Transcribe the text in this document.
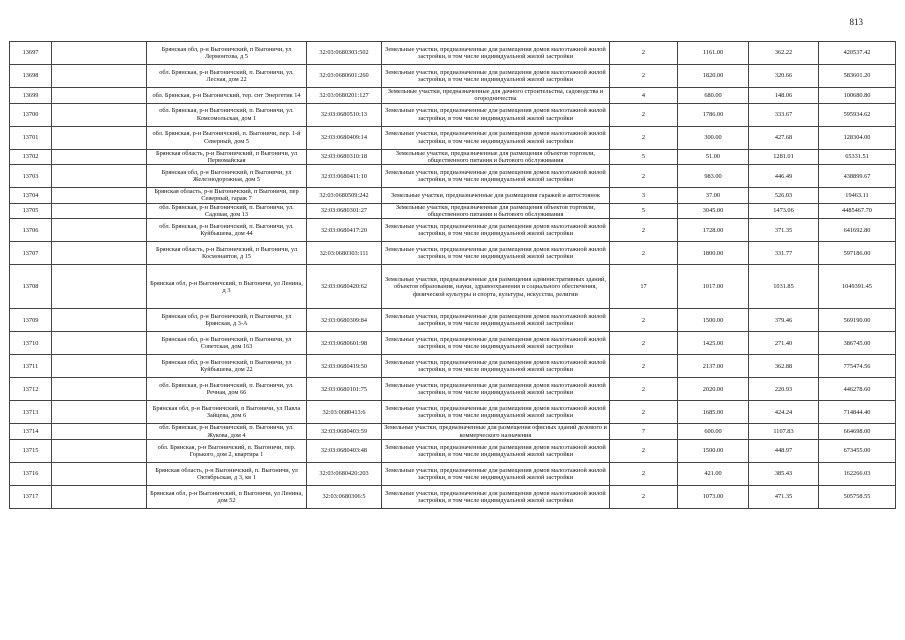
813
13697		Брянская обл, р-н Выгоничский, п Выгоничи, ул Лермонтова, д 5	32:03:0680303:502	Земельные участки, предназначенные для размещения домов малоэтажной жилой застройки, в том числе индивидуальной жилой застройки	2	1161.00	362.22	420537.42
13698		обл. Брянская, р-н Выгоничский, п. Выгоничи, ул. Лесная, дом 22	32:03:0680601:260	Земельные участки, предназначенные для размещения домов малоэтажной жилой застройки, в том числе индивидуальной жилой застройки	2	1820.00	320.66	583601.20
13699		обл. Брянская, р-н Выгоничский, тер. снт Энергетик 14	32:03:0680201:127	Земельные участки, предназначенные для дачного строительства, садоводства и огородничества	4	680.00	148.06	100680.80
13700		обл. Брянская, р-н Выгоничский, п. Выгоничи, ул. Комсомольская, дом 1	32:03:0680510:13	Земельные участки, предназначенные для размещения домов малоэтажной жилой застройки, в том числе индивидуальной жилой застройки	2	1786.00	333.67	595934.62
13701		обл. Брянская, р-н Выгоничский, п. Выгоничи, пер. 1-й Северный, дом 5	32:03:0680409:14	Земельные участки, предназначенные для размещения домов малоэтажной жилой застройки, в том числе индивидуальной жилой застройки	2	300.00	427.68	128304.00
13702		Брянская область, р-н Выгоничский, п Выгоничи, ул Первомайская	32:03:0680310:18	Земельные участки, предназначенные для размещения объектов торговли, общественного питания и бытового обслуживания	5	51.00	1281.01	65331.51
13703		Брянская обл, р-н Выгоничский, п Выгоничи, ул Железнодорожная, дом 5	32:03:0680411:10	Земельные участки, предназначенные для размещения домов малоэтажной жилой застройки, в том числе индивидуальной жилой застройки	2	983.00	446.49	438899.67
13704		Брянская область, р-н Выгоничский, п Выгоничи, пер Северный, гараж 7	32:03:0680509:242	Земельные участки, предназначенные для размещения гаражей и автостоянок	3	37.00	526.03	19463.11
13705		обл. Брянская, р-н Выгоничский, п. Выгоничи, ул. Садовая, дом 13	32:03:0680301:27	Земельные участки, предназначенные для размещения объектов торговли, общественного питания и бытового обслуживания	5	3045.00	1473.06	4485467.70
13706		обл. Брянская, р-н Выгоничский, п. Выгоничи, ул. Куйбышева, дом 44	32:03:0680417:20	Земельные участки, предназначенные для размещения домов малоэтажной жилой застройки, в том числе индивидуальной жилой застройки	2	1728.00	371.35	641692.80
13707		Брянская область, р-н Выгоничский, п Выгоничи, ул Космонавтов, д 15	32:03:0680303:111	Земельные участки, предназначенные для размещения домов малоэтажной жилой застройки, в том числе индивидуальной жилой застройки	2	1800.00	331.77	597186.00
13708		Брянская обл, р-н Выгоничский, п Выгоничи, ул Ленина, д 3	32:03:0680420:62	Земельные участки, предназначенные для размещения административных зданий, объектов образования, науки, здравоохранения и социального обеспечения, физической культуры и спорта, культуры, искусства, религии	17	1017.00	1031.85	1049391.45
13709		Брянская обл, р-н Выгоничский, п Выгоничи, ул Брянская, д 3-А	32:03:0680309:84	Земельные участки, предназначенные для размещения домов малоэтажной жилой застройки, в том числе индивидуальной жилой застройки	2	1500.00	379.46	569190.00
13710		Брянская обл, р-н Выгоничский, п Выгоничи, ул Советская, дом 163	32:03:0680601:98	Земельные участки, предназначенные для размещения домов малоэтажной жилой застройки, в том числе индивидуальной жилой застройки	2	1425.00	271.40	386745.00
13711		Брянская обл, р-н Выгоничский, п Выгоничи, ул Куйбышева, дом 22	32:03:0680419:50	Земельные участки, предназначенные для размещения домов малоэтажной жилой застройки, в том числе индивидуальной жилой застройки	2	2137.00	362.88	775474.56
13712		обл. Брянская, р-н Выгоничский, п. Выгоничи, ул. Речная, дом 66	32:03:0680101:75	Земельные участки, предназначенные для размещения домов малоэтажной жилой застройки, в том числе индивидуальной жилой застройки	2	2020.00	220.93	446278.60
13713		Брянская обл, р-н Выгоничский, п Выгоничи, ул Павла Зайцева, дом 6	32:03:0680413:6	Земельные участки, предназначенные для размещения домов малоэтажной жилой застройки, в том числе индивидуальной жилой застройки	2	1685.00	424.24	714844.40
13714		обл. Брянская, р-н Выгоничский, п. Выгоничи, ул. Жукова, дом 4	32:03:0680403:59	Земельные участки, предназначенные для размещения офисных зданий делового и коммерческого назначения	7	600.00	1107.83	664698.00
13715		обл. Брянская, р-н Выгоничский, п. Выгоничи, пер. Горького, дом 2, квартира 1	32:03:0680403:48	Земельные участки, предназначенные для размещения домов малоэтажной жилой застройки, в том числе индивидуальной жилой застройки	2	1500.00	448.97	673455.00
13716		Брянская область, р-н Выгоничский, п. Выгоничи, ул Октябрьская, д 3, кв 1	32:03:0680420:203	Земельные участки, предназначенные для размещения домов малоэтажной жилой застройки, в том числе индивидуальной жилой застройки	2	421.00	385.43	162266.03
13717		Брянская обл, р-н Выгоничский, п Выгоничи, ул Ленина, дом 52	32:03:0680306:5	Земельные участки, предназначенные для размещения домов малоэтажной жилой застройки, в том числе индивидуальной жилой застройки	2	1073.00	471.35	505758.55
